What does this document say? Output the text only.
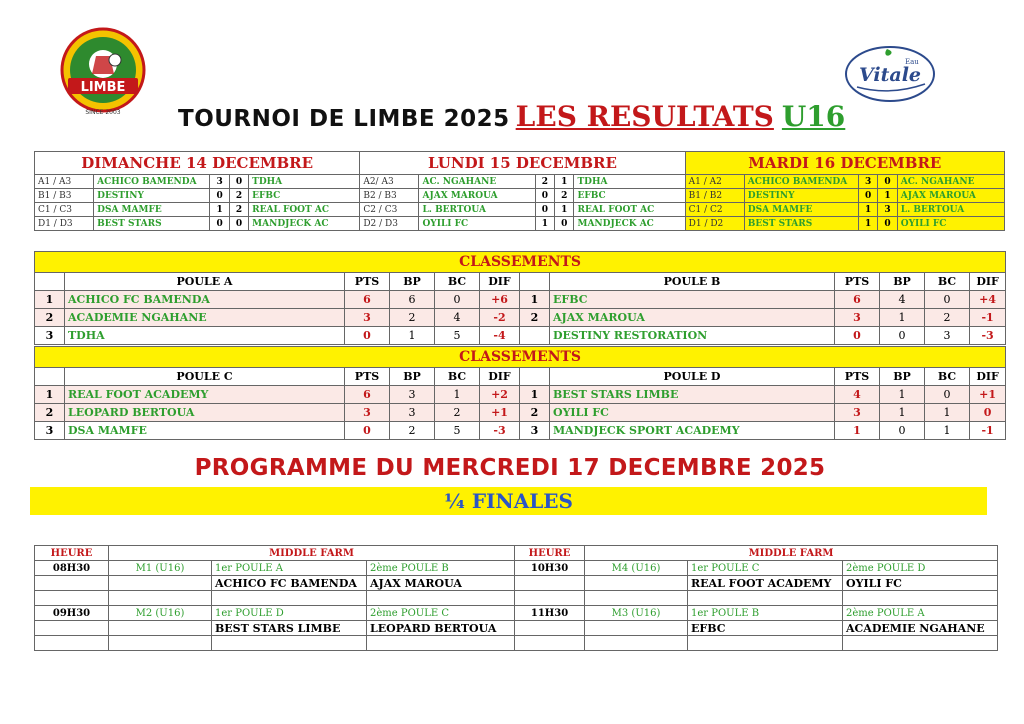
LIMBE
SINCE 2003
Eau
Vitale
TOURNOI DE LIMBE 2025 LES RESULTATS U16
DIMANCHE 14 DECEMBRE					LUNDI 15 DECEMBRE					MARDI 16 DECEMBRE				
A1 / A3	ACHICO BAMENDA	3	0	TDHA	A2/ A3	AC. NGAHANE	2	1	TDHA	A1 / A2	ACHICO BAMENDA	3	0	AC. NGAHANE
B1 / B3	DESTINY	0	2	EFBC	B2 / B3	AJAX MAROUA	0	2	EFBC	B1 / B2	DESTINY	0	1	AJAX MAROUA
C1 / C3	DSA MAMFE	1	2	REAL FOOT AC	C2 / C3	L. BERTOUA	0	1	REAL FOOT AC	C1 / C2	DSA MAMFE	1	3	L. BERTOUA
D1 / D3	BEST STARS	0	0	MANDJECK AC	D2 / D3	OYILI FC	1	0	MANDJECK AC	D1 / D2	BEST STARS	1	0	OYILI FC
CLASSEMENTS											
	POULE A	PTS	BP	BC	DIF		POULE B	PTS	BP	BC	DIF
1	ACHICO FC BAMENDA	6	6	0	+6	1	EFBC	6	4	0	+4
2	ACADEMIE NGAHANE	3	2	4	-2	2	AJAX MAROUA	3	1	2	-1
3	TDHA	0	1	5	-4		DESTINY RESTORATION	0	0	3	-3
CLASSEMENTS											
	POULE C	PTS	BP	BC	DIF		POULE D	PTS	BP	BC	DIF
1	REAL FOOT ACADEMY	6	3	1	+2	1	BEST STARS LIMBE	4	1	0	+1
2	LEOPARD BERTOUA	3	3	2	+1	2	OYILI FC	3	1	1	0
3	DSA MAMFE	0	2	5	-3	3	MANDJECK SPORT ACADEMY	1	0	1	-1
PROGRAMME DU MERCREDI 17 DECEMBRE 2025
¼ FINALES
HEURE	MIDDLE FARM			HEURE	MIDDLE FARM		
08H30	M1 (U16)	1er POULE A	2ème POULE B	10H30	M4 (U16)	1er POULE C	2ème POULE D
		ACHICO FC BAMENDA	AJAX MAROUA			REAL FOOT ACADEMY	OYILI FC

09H30	M2 (U16)	1er POULE D	2ème POULE C	11H30	M3 (U16)	1er POULE B	2ème POULE A
		BEST STARS LIMBE	LEOPARD BERTOUA			EFBC	ACADEMIE NGAHANE
